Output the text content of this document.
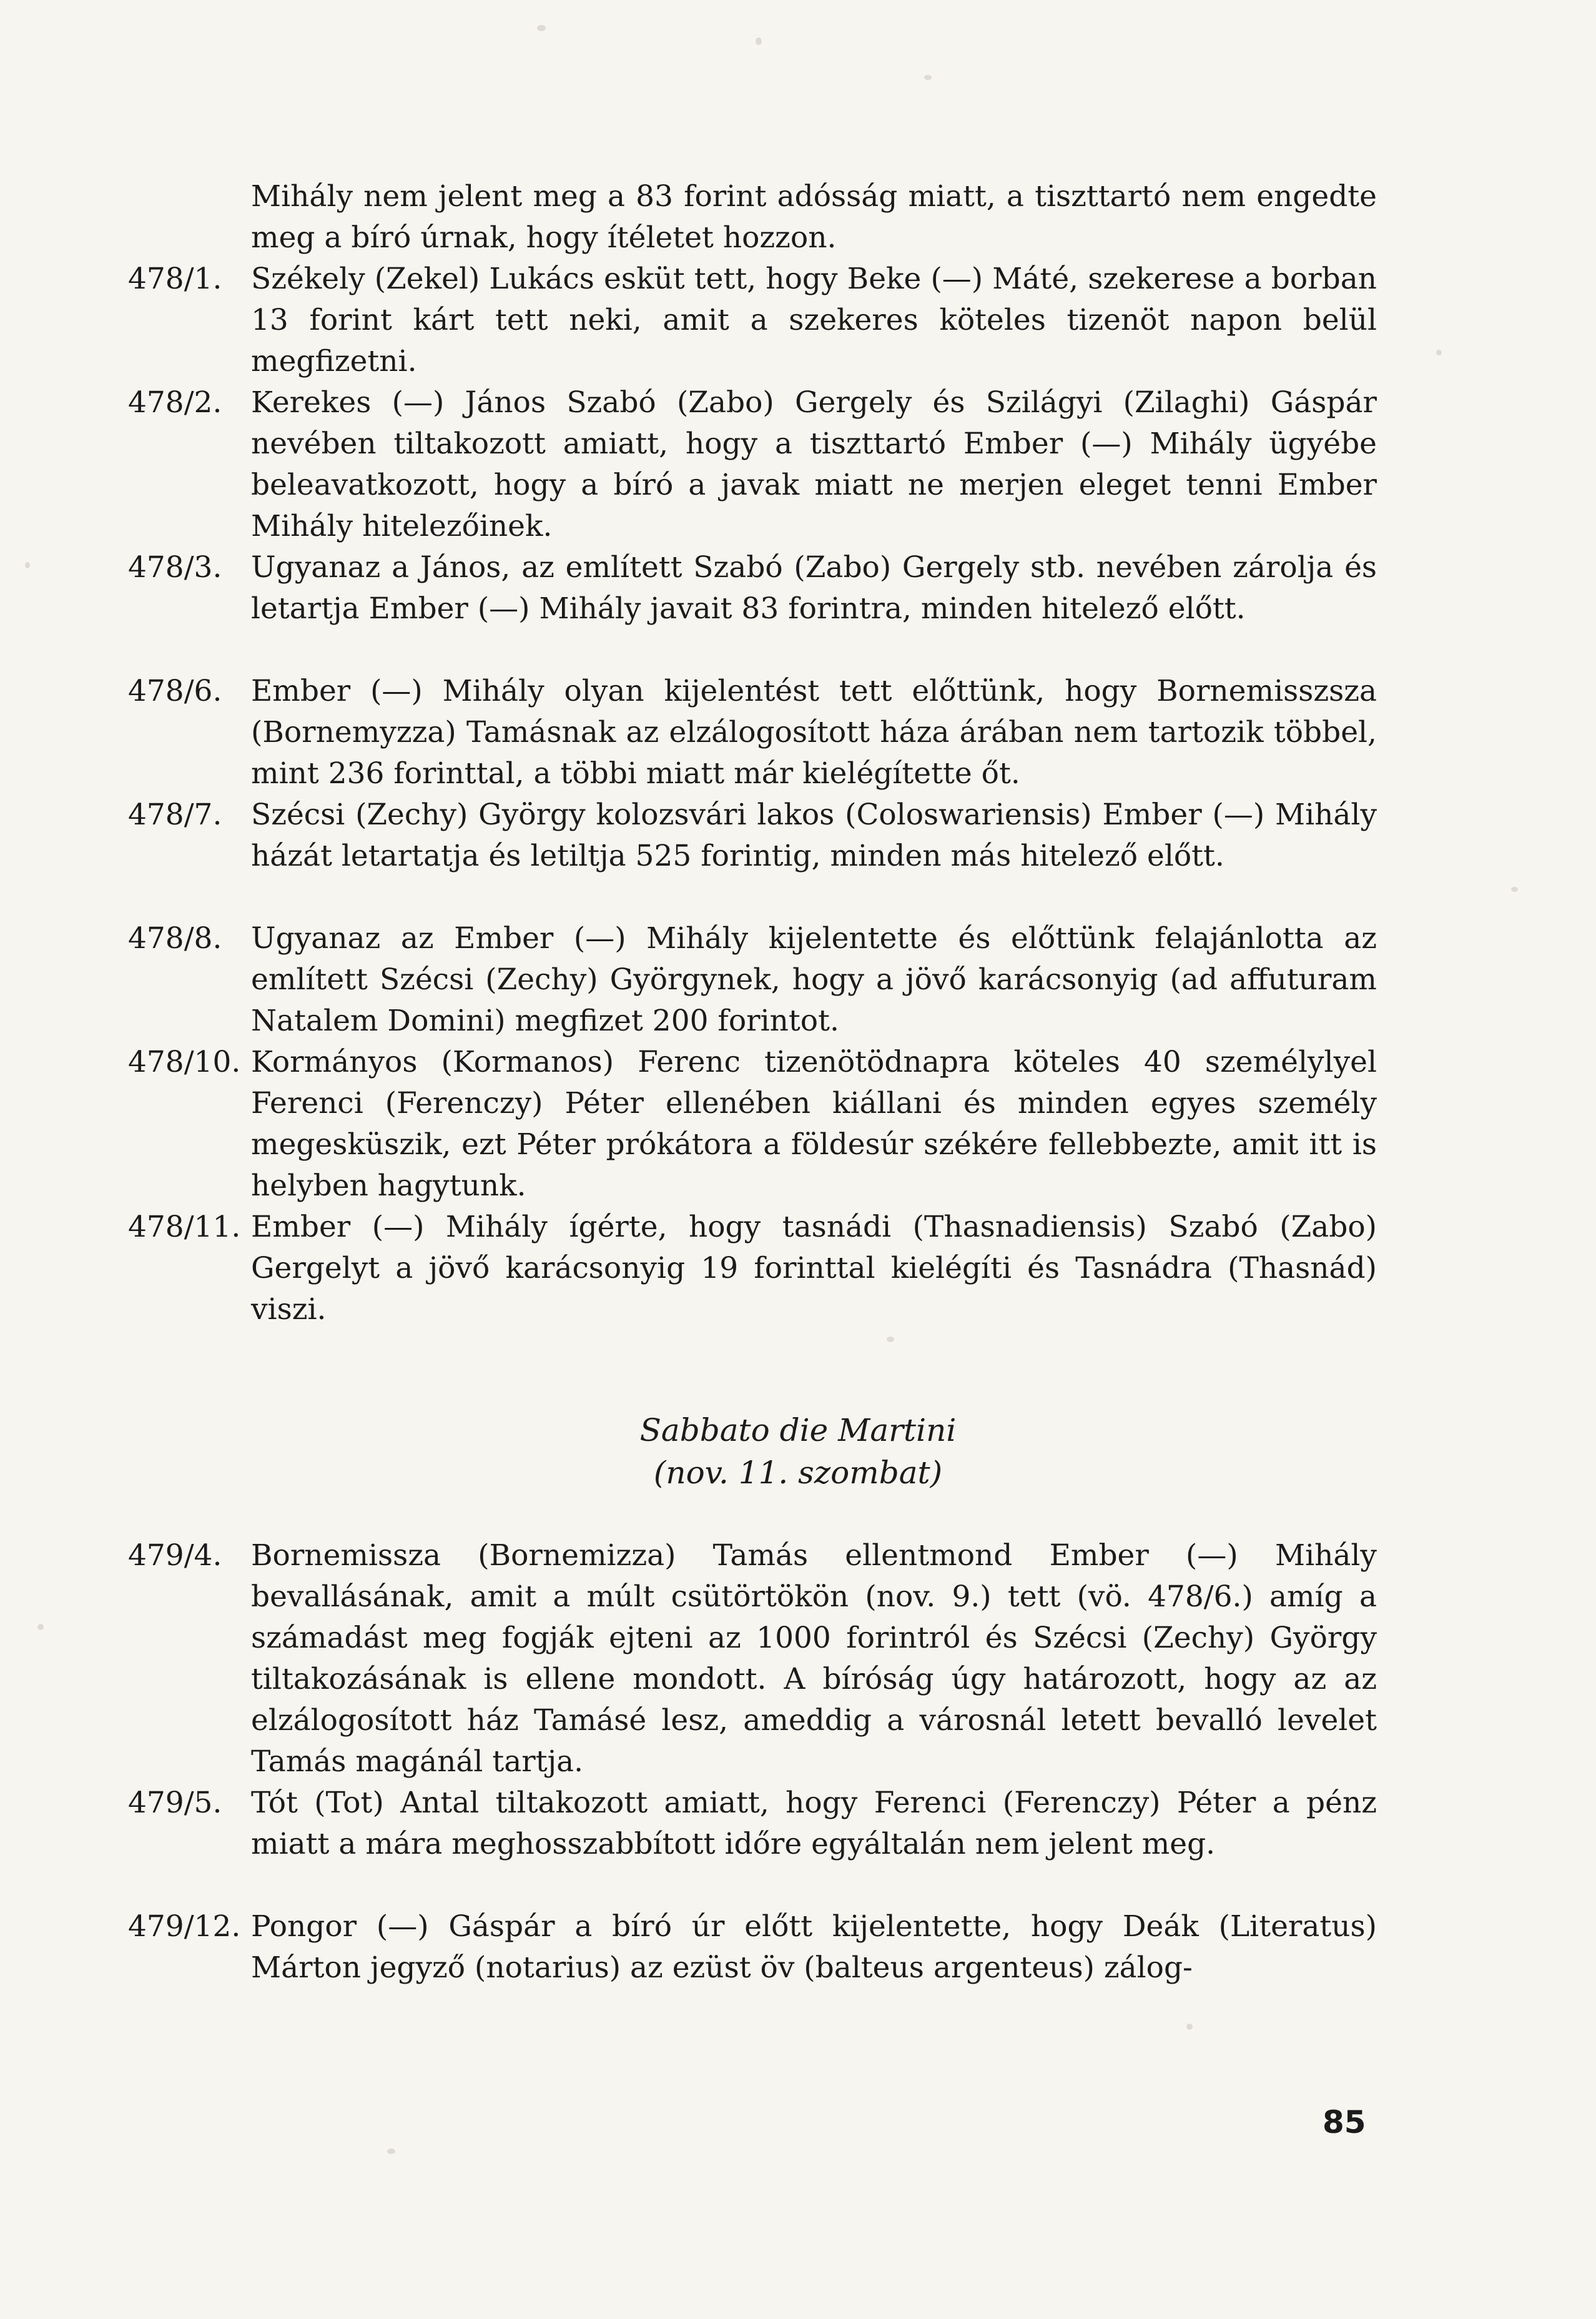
Mihály nem jelent meg a 83 forint adósság miatt, a tiszttartó nem engedte meg a bíró úrnak, hogy ítéletet hozzon.
478/1. Székely (Zekel) Lukács esküt tett, hogy Beke (—) Máté, szekerese a borban 13 forint kárt tett neki, amit a szekeres köteles tizenöt napon belül megfizetni.
478/2. Kerekes (—) János Szabó (Zabo) Gergely és Szilágyi (Zilaghi) Gáspár nevében tiltakozott amiatt, hogy a tiszttartó Ember (—) Mihály ügyébe beleavatkozott, hogy a bíró a javak miatt ne merjen eleget tenni Ember Mihály hitelezőinek.
478/3. Ugyanaz a János, az említett Szabó (Zabo) Gergely stb. nevében zárolja és letartja Ember (—) Mihály javait 83 forintra, minden hitelező előtt.
478/6. Ember (—) Mihály olyan kijelentést tett előttünk, hogy Bornemisszsza (Bornemyzza) Tamásnak az elzálogosított háza árában nem tartozik többel, mint 236 forinttal, a többi miatt már kielégítette őt.
478/7. Szécsi (Zechy) György kolozsvári lakos (Coloswariensis) Ember (—) Mihály házát letartatja és letiltja 525 forintig, minden más hitelező előtt.
478/8. Ugyanaz az Ember (—) Mihály kijelentette és előttünk felajánlotta az említett Szécsi (Zechy) Györgynek, hogy a jövő karácsonyig (ad affuturam Natalem Domini) megfizet 200 forintot.
478/10. Kormányos (Kormanos) Ferenc tizenötödnapra köteles 40 személylyel Ferenci (Ferenczy) Péter ellenében kiállani és minden egyes személy megesküszik, ezt Péter prókátora a földesúr székére fellebbezte, amit itt is helyben hagytunk.
478/11. Ember (—) Mihály ígérte, hogy tasnádi (Thasnadiensis) Szabó (Zabo) Gergelyt a jövő karácsonyig 19 forinttal kielégíti és Tasnádra (Thasnád) viszi.
Sabbato die Martini
(nov. 11. szombat)
479/4. Bornemissza (Bornemizza) Tamás ellentmond Ember (—) Mihály bevallásának, amit a múlt csütörtökön (nov. 9.) tett (vö. 478/6.) amíg a számadást meg fogják ejteni az 1000 forintról és Szécsi (Zechy) György tiltakozásának is ellene mondott. A bíróság úgy határozott, hogy az az elzálogosított ház Tamásé lesz, ameddig a városnál letett bevalló levelet Tamás magánál tartja.
479/5. Tót (Tot) Antal tiltakozott amiatt, hogy Ferenci (Ferenczy) Péter a pénz miatt a mára meghosszabbított időre egyáltalán nem jelent meg.
479/12. Pongor (—) Gáspár a bíró úr előtt kijelentette, hogy Deák (Literatus) Márton jegyző (notarius) az ezüst öv (balteus argenteus) zálog-
85
